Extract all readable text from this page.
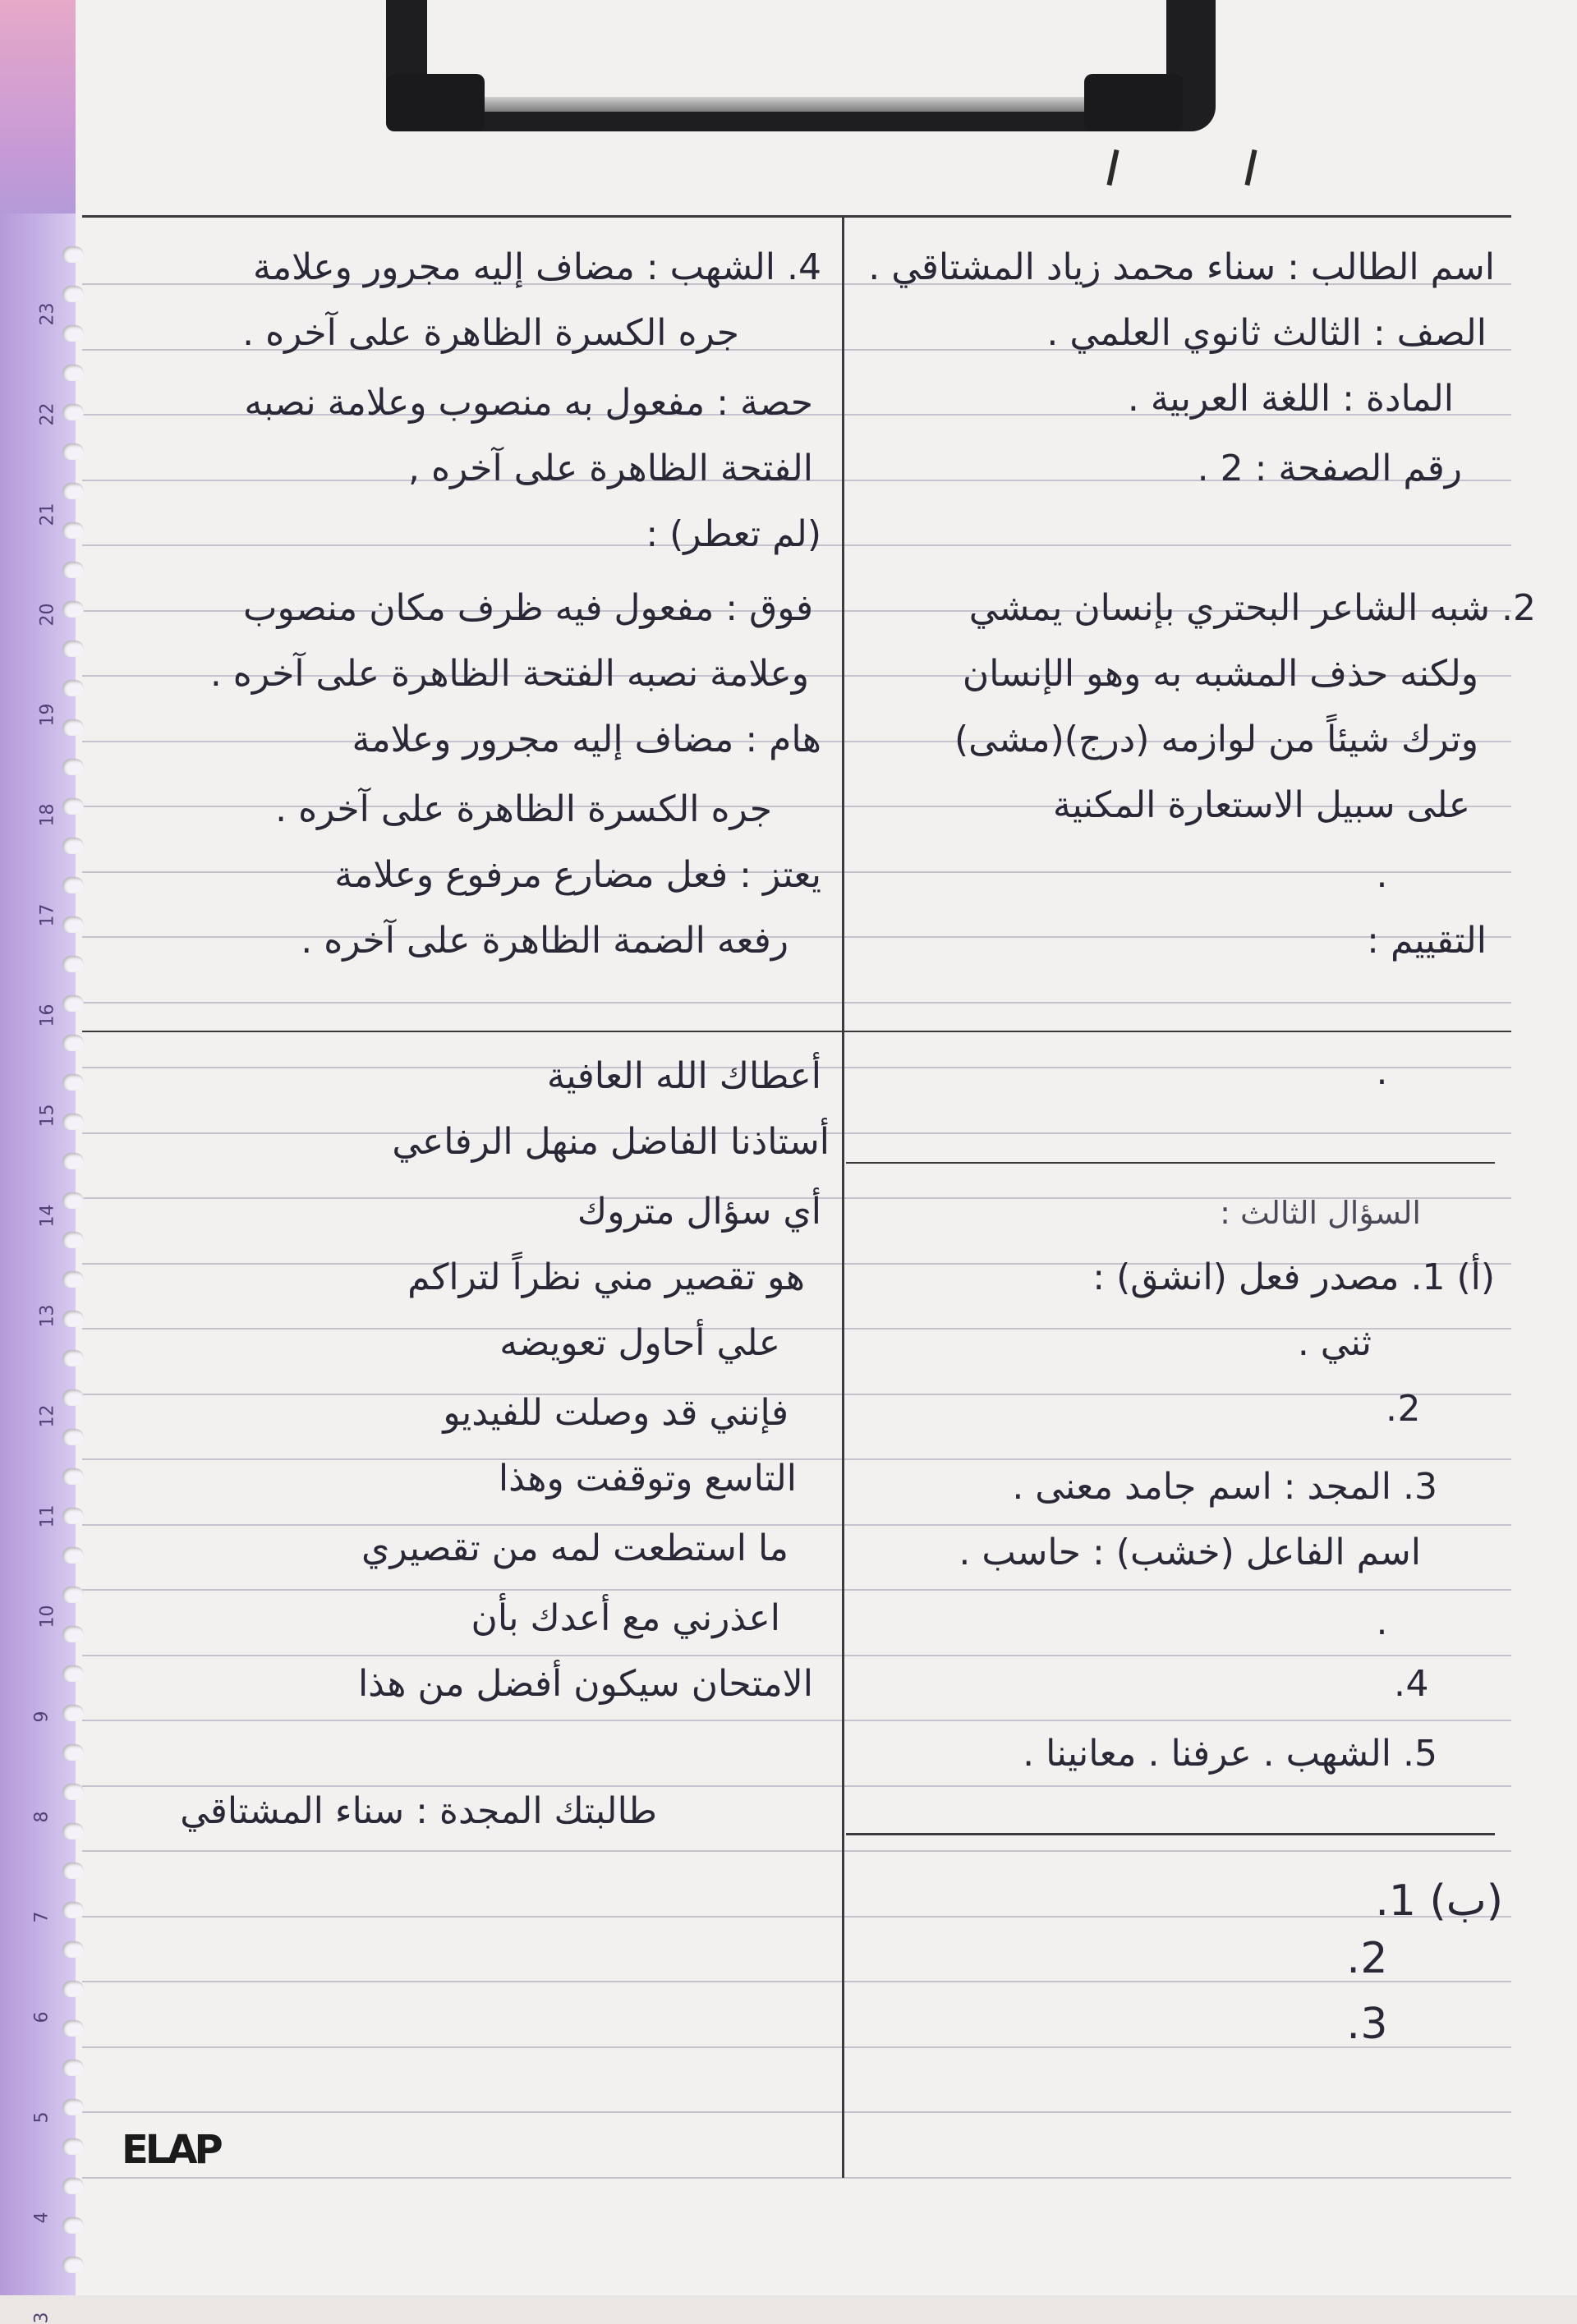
23
22
21
20
19
18
17
16
15
14
13
12
11
10
9
8
7
6
5
4
3
اسم الطالب : سناء محمد زياد المشتاقي .
الصف : الثالث ثانوي العلمي .
المادة : اللغة العربية .
رقم الصفحة : 2 .
2. شبه الشاعر البحتري بإنسان يمشي
ولكنه حذف المشبه به وهو الإنسان
وترك شيئاً من لوازمه (درج)(مشى)
على سبيل الاستعارة المكنية
.
التقييم :
.
السؤال الثالث :
(أ) 1. مصدر فعل (انشق) :
ثني .
2.
3. المجد : اسم جامد معنى .
اسم الفاعل (خشب) : حاسب .
.
4.
5. الشهب . عرفنا . معانينا .
(ب) 1.
2.
3.
4. الشهب : مضاف إليه مجرور وعلامة
جره الكسرة الظاهرة على آخره .
حصة : مفعول به منصوب وعلامة نصبه
الفتحة الظاهرة على آخره ,
(لم تعطر) :
فوق : مفعول فيه ظرف مكان منصوب
وعلامة نصبه الفتحة الظاهرة على آخره .
هام : مضاف إليه مجرور وعلامة
جره الكسرة الظاهرة على آخره .
يعتز : فعل مضارع مرفوع وعلامة
رفعه الضمة الظاهرة على آخره .
أعطاك الله العافية
أستاذنا الفاضل منهل الرفاعي
أي سؤال متروك
هو تقصير مني نظراً لتراكم
علي أحاول تعويضه
فإنني قد وصلت للفيديو
التاسع وتوقفت وهذا
ما استطعت لمه من تقصيري
اعذرني مع أعدك بأن
الامتحان سيكون أفضل من هذا
طالبتك المجدة : سناء المشتاقي
ELAP
